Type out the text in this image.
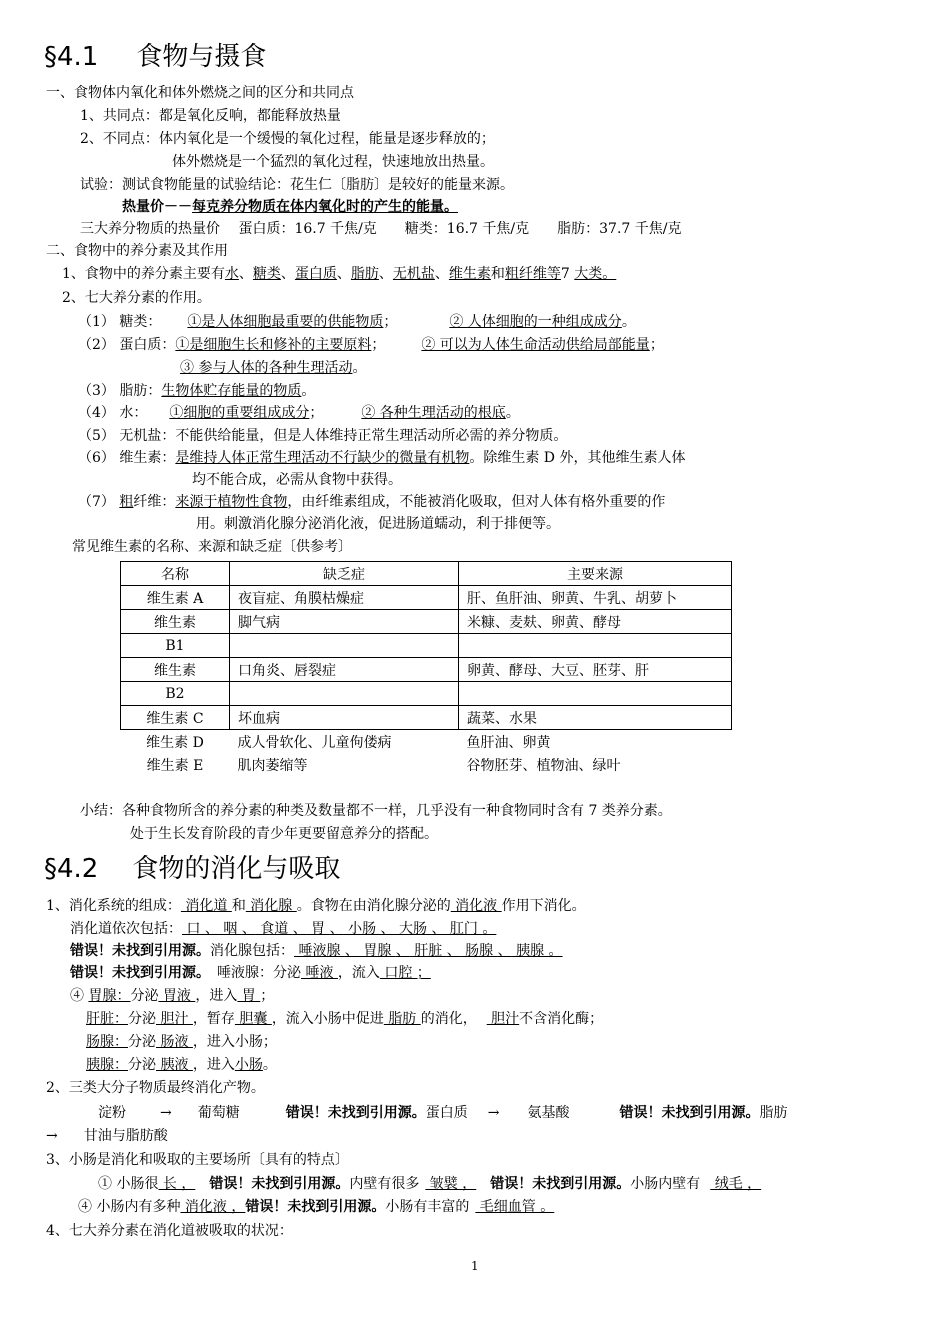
§4.1 食物与摄食
一、食物体内氧化和体外燃烧之间的区分和共同点
1、共同点：都是氧化反响，都能释放热量
2、不同点：体内氧化是一个缓慢的氧化过程，能量是逐步释放的；
体外燃烧是一个猛烈的氧化过程，快速地放出热量。
试验：测试食物能量的试验结论：花生仁〔脂肪〕是较好的能量来源。
热量价－－每克养分物质在体内氧化时的产生的能量。
三大养分物质的热量价　 蛋白质：16.7 千焦/克　　糖类：16.7 千焦/克　　脂肪：37.7 千焦/克
二、食物中的养分素及其作用
1、食物中的养分素主要有水、糖类、蛋白质、脂肪、无机盐、维生素和粗纤维等7 大类。
2、七大养分素的作用。
（1） 糖类： ①是人体细胞最重要的供能物质；	② 人体细胞的一种组成成分。
（2） 蛋白质：①是细胞生长和修补的主要原料；	② 可以为人体生命活动供给局部能量；
③ 参与人体的各种生理活动。
（3） 脂肪：生物体贮存能量的物质。
（4） 水： ①细胞的重要组成成分；	② 各种生理活动的根底。
（5） 无机盐：不能供给能量，但是人体维持正常生理活动所必需的养分物质。
（6） 维生素：是维持人体正常生理活动不行缺少的微量有机物。除维生素 D 外，其他维生素人体
均不能合成，必需从食物中获得。
（7） 粗纤维：来源于植物性食物，由纤维素组成，不能被消化吸取，但对人体有格外重要的作
用。刺激消化腺分泌消化液，促进肠道蠕动，利于排便等。
常见维生素的名称、来源和缺乏症〔供参考〕
名称	缺乏症	主要来源
维生素 A	夜盲症、角膜枯燥症	肝、鱼肝油、卵黄、牛乳、胡萝卜
维生素	脚气病	米糠、麦麸、卵黄、酵母
B1		
维生素	口角炎、唇裂症	卵黄、酵母、大豆、胚芽、肝
B2		
维生素 C	坏血病	蔬菜、水果
维生素 D	成人骨软化、儿童佝偻病	鱼肝油、卵黄
维生素 E	肌肉萎缩等	谷物胚芽、植物油、绿叶
小结：各种食物所含的养分素的种类及数量都不一样，几乎没有一种食物同时含有 7 类养分素。
处于生长发育阶段的青少年更要留意养分的搭配。
§4.2 食物的消化与吸取
1、消化系统的组成： 消化道 和 消化腺 。食物在由消化腺分泌的 消化液 作用下消化。
消化道依次包括： 口 、 咽 、 食道 、 胃 、 小肠 、 大肠 、 肛门 。
错误！未找到引用源。消化腺包括： 唾液腺 、 胃腺 、 肝脏 、 肠腺 、 胰腺 。
错误！未找到引用源。　唾液腺：分泌 唾液 ，流入 口腔 ；
④ 胃腺：分泌 胃液 ，进入 胃 ；
肝脏：分泌 胆汁 ，暂存 胆囊 ，流入小肠中促进 脂肪 的消化， 胆汁不含消化酶；
肠腺：分泌 肠液 ，进入小肠；
胰腺：分泌 胰液 ，进入小肠。
2、三类大分子物质最终消化产物。
淀粉 → 葡萄糖	错误！未找到引用源。蛋白质 → 氨基酸	错误！未找到引用源。脂肪
→ 甘油与脂肪酸
3、小肠是消化和吸取的主要场所〔具有的特点〕
① 小肠很 长 ， 错误！未找到引用源。内壁有很多 皱襞 ， 错误！未找到引用源。小肠内壁有 绒毛 ，
④ 小肠内有多种 消化液 ，错误！未找到引用源。小肠有丰富的 毛细血管 。
4、七大养分素在消化道被吸取的状况：
1
